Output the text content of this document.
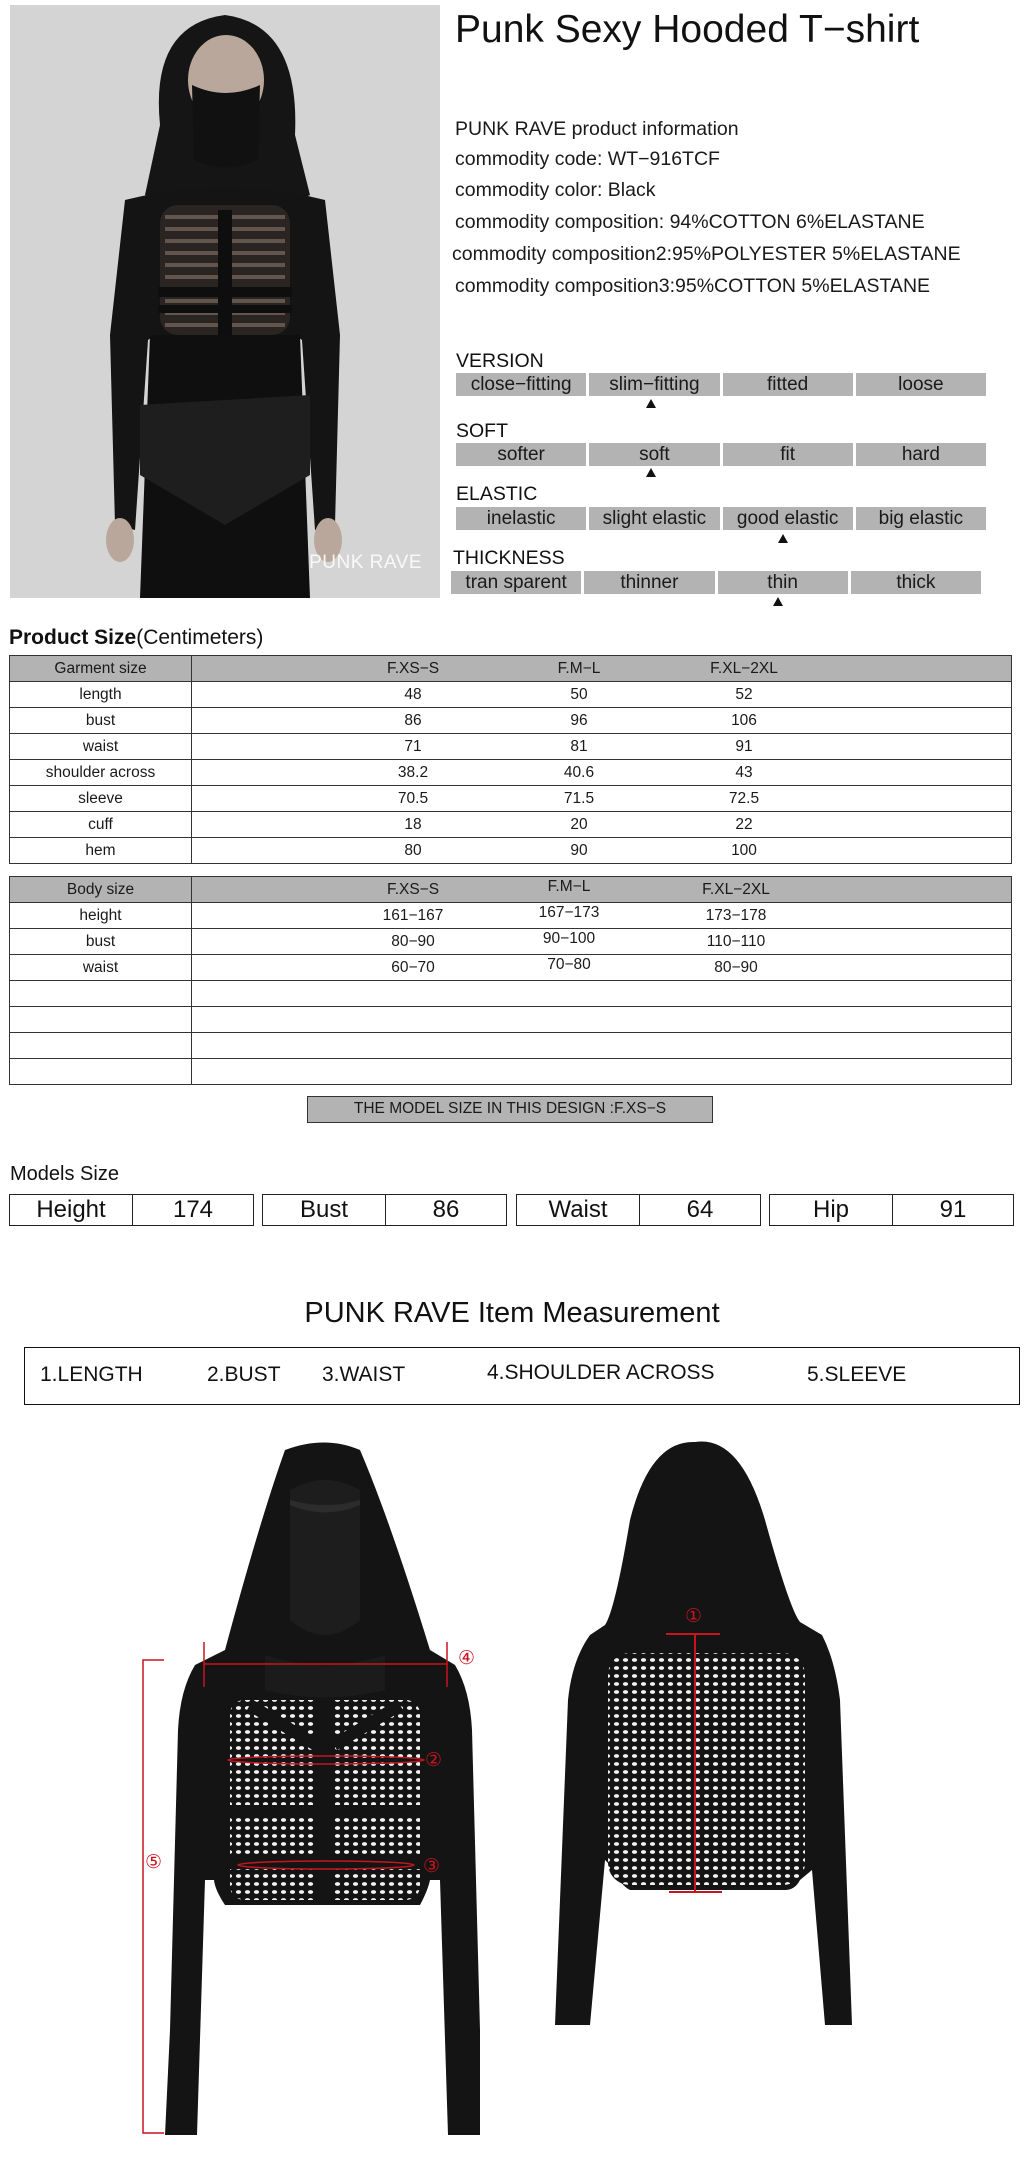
PUNK RAVE
Punk Sexy Hooded T−shirt
PUNK RAVE product information
commodity code: WT−916TCF
commodity color: Black
commodity composition: 94%COTTON 6%ELASTANE
commodity composition2:95%POLYESTER 5%ELASTANE
commodity composition3:95%COTTON 5%ELASTANE
VERSION
close−fitting	slim−fitting	fitted	loose
SOFT
softer	soft	fit	hard
ELASTIC
inelastic	slight elastic	good elastic	big elastic
THICKNESS
tran sparent	thinner	thin	thick
Product Size(Centimeters)
Garment size	F.XS−S F.M−L F.XL−2XL

length	48 50 52

bust	86 96 106

waist	71 81 91

shoulder across	38.2 40.6 43

sleeve	70.5 71.5 72.5

cuff	18 20 22

hem	80 90 100
Body size	F.XS−S F.M−L F.XL−2XL

height	161−167 167−173 173−178

bust	80−90 90−100 110−110

waist	60−70 70−80 80−90

THE MODEL SIZE IN THIS DESIGN :F.XS−S
Models Size
Height	174	Bust	86	Waist	64	Hip	91
PUNK RAVE Item Measurement
1.LENGTH	2.BUST 3.WAIST	4.SHOULDER ACROSS	5.SLEEVE
④
②
③
⑤
①
